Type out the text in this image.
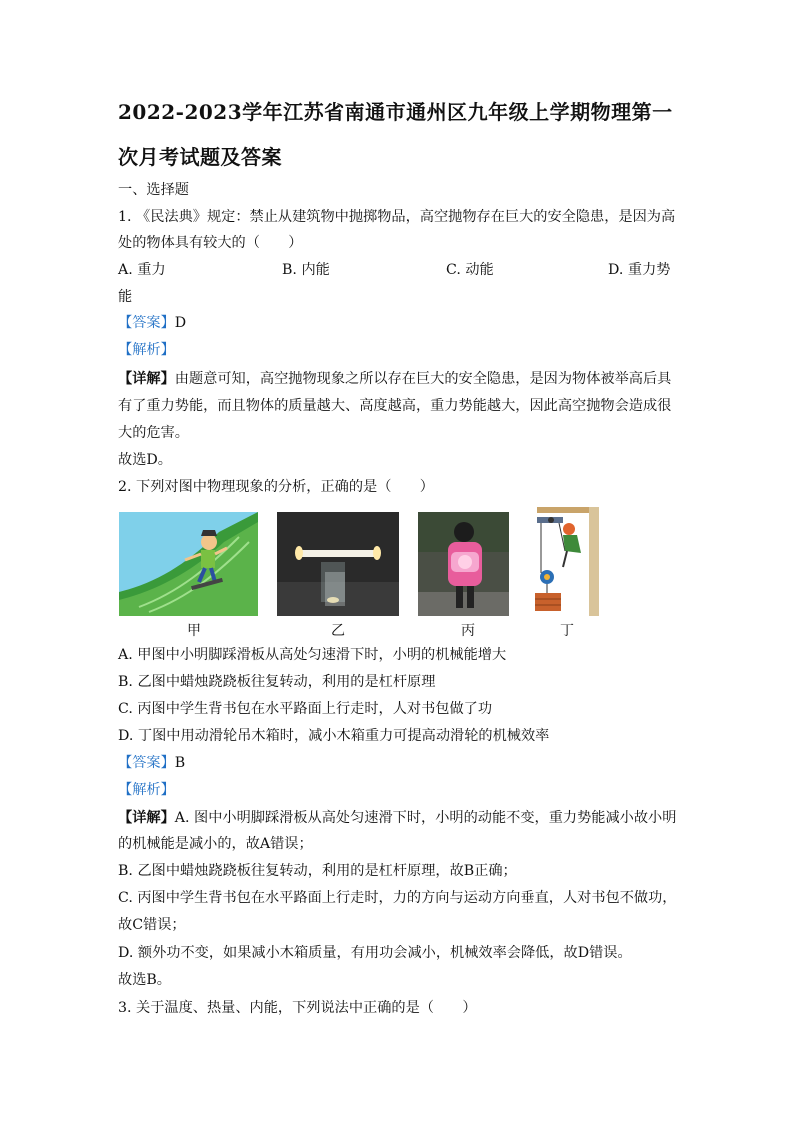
2022-2023学年江苏省南通市通州区九年级上学期物理第一
次月考试题及答案
一、选择题
1. 《民法典》规定：禁止从建筑物中抛掷物品，高空抛物存在巨大的安全隐患，是因为高
处的物体具有较大的（　　）
A. 重力	B. 内能	C. 动能	D. 重力势
能
【答案】D
【解析】
【详解】由题意可知，高空抛物现象之所以存在巨大的安全隐患，是因为物体被举高后具
有了重力势能，而且物体的质量越大、高度越高，重力势能越大，因此高空抛物会造成很
大的危害。
故选D。
2. 下列对图中物理现象的分析，正确的是（　　）
甲	乙	丙	丁
A. 甲图中小明脚踩滑板从高处匀速滑下时，小明的机械能增大
B. 乙图中蜡烛跷跷板往复转动，利用的是杠杆原理
C. 丙图中学生背书包在水平路面上行走时，人对书包做了功
D. 丁图中用动滑轮吊木箱时，减小木箱重力可提高动滑轮的机械效率
【答案】B
【解析】
【详解】A. 图中小明脚踩滑板从高处匀速滑下时，小明的动能不变，重力势能减小故小明
的机械能是减小的，故A错误；
B. 乙图中蜡烛跷跷板往复转动，利用的是杠杆原理，故B正确；
C. 丙图中学生背书包在水平路面上行走时，力的方向与运动方向垂直，人对书包不做功，
故C错误；
D. 额外功不变，如果减小木箱质量，有用功会减小，机械效率会降低，故D错误。
故选B。
3. 关于温度、热量、内能，下列说法中正确的是（　　）
